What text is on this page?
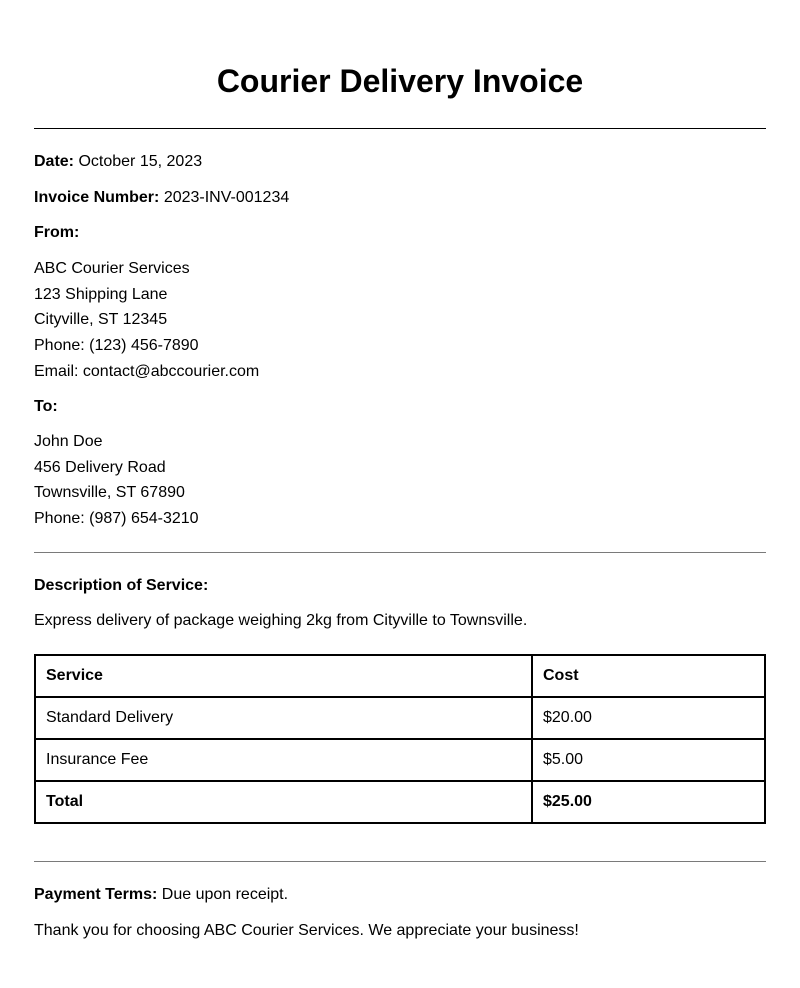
Courier Delivery Invoice
Date: October 15, 2023
Invoice Number: 2023-INV-001234
From:
ABC Courier Services
123 Shipping Lane
Cityville, ST 12345
Phone: (123) 456-7890
Email: contact@abccourier.com
To:
John Doe
456 Delivery Road
Townsville, ST 67890
Phone: (987) 654-3210
Description of Service:
Express delivery of package weighing 2kg from Cityville to Townsville.
Service	Cost
Standard Delivery	$20.00
Insurance Fee	$5.00
Total	$25.00
Payment Terms: Due upon receipt.
Thank you for choosing ABC Courier Services. We appreciate your business!
